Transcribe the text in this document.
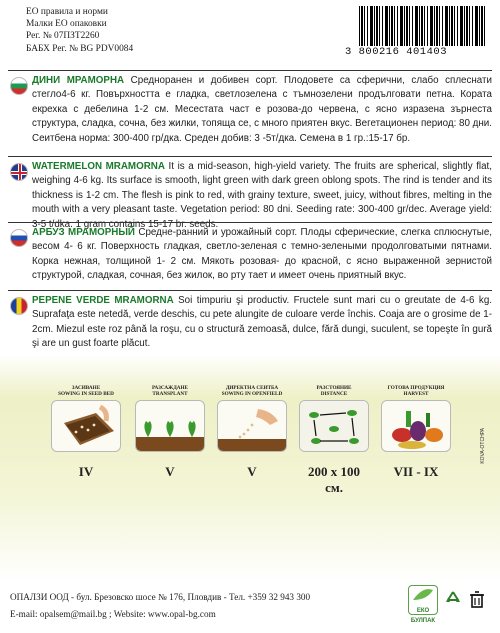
ЕО правила и норми
Малки ЕО опаковки
Рег. № 07ПЗТ2260
БАБХ Рег. № BG PDV0084	3 800216 401403
ДИНИ МРАМОРНА Средноранен и добивен сорт. Плодовете са сферични, слабо сплеснати стегло4-6 кг. Повърхността е гладка, светлозелена с тъмнозелени продълговати петна. Кората екрехка с дебелина 1-2 см. Месестата част е розова-до червена, с ясно изразена зърнеста структура, сладка, сочна, без жилки, топяща се, с много приятен вкус. Вегетационен период: 80 дни. Сеитбена норма: 300-400 гр/дка. Среден добив: 3 -5т/дка. Семена в 1 гр.:15-17 бр.
WATERMELON MRAMORNA It is a mid-season, high-yield variety. The fruits are spherical, slightly flat, weighing 4-6 kg. Its surface is smooth, light green with dark green oblong spots. The rind is tender and its thickness is 1-2 cm. The flesh is pink to red, with grainy texture, sweet, juicy, without fibres, melting in the mouth with a very pleasant taste. Vegetation period: 80 dni. Seeding rate: 300-400 gr/dec. Average yield: 3-5 t/dka. 1 gram contains 15-17 br. seeds.
АРБУЗ МРАМОРНЫЙ Средне-ранний и урожайный сорт. Плоды сферические, слегка сплюснутые, весом 4- 6 кг. Поверхность гладкая, светло-зеленая с темно-зелеными продолговатыми пятнами. Корка нежная, толщиной 1- 2 см. Мякоть розовая- до красной, с ясно выраженной зернистой структурой, сладкая, сочная, без жилок, во рту тает и имеет очень приятный вкус.
PEPENE VERDE MRAMORNA Soi timpuriu şi productiv. Fructele sunt mari cu o greutate de 4-6 kg. Suprafaţa este netedă, verde deschis, cu pete alungite de culoare verde închis. Coaja are o grosime de 1-2cm. Miezul este roz până la roşu, cu o structură zemoasă, dulce, fără dungi, suculent, se topeşte în gură şi are un gust foarte plăcut.
ЗАСИВАНЕ
SOWING IN SEED BED
IV
РАЗСАЖДАНЕ
TRANSPLANT
V
ДИРЕКТНА СЕИТБА
SOWING IN OPENFIELD
V
РАЗСТОЯНИЕ
DISTANCE
200 x 100 см.
ГОТОВА ПРОДУКЦИЯ
HARVEST
VII - IX
KOVA-OTCHPA
ОПАЛЗИ ООД - бул. Брезовско шосе № 176, Пловдив - Тел. +359 32 943 300
E-mail: opalsem@mail.bg ; Website: www.opal-bg.com	ЕКО БУЛПАК
